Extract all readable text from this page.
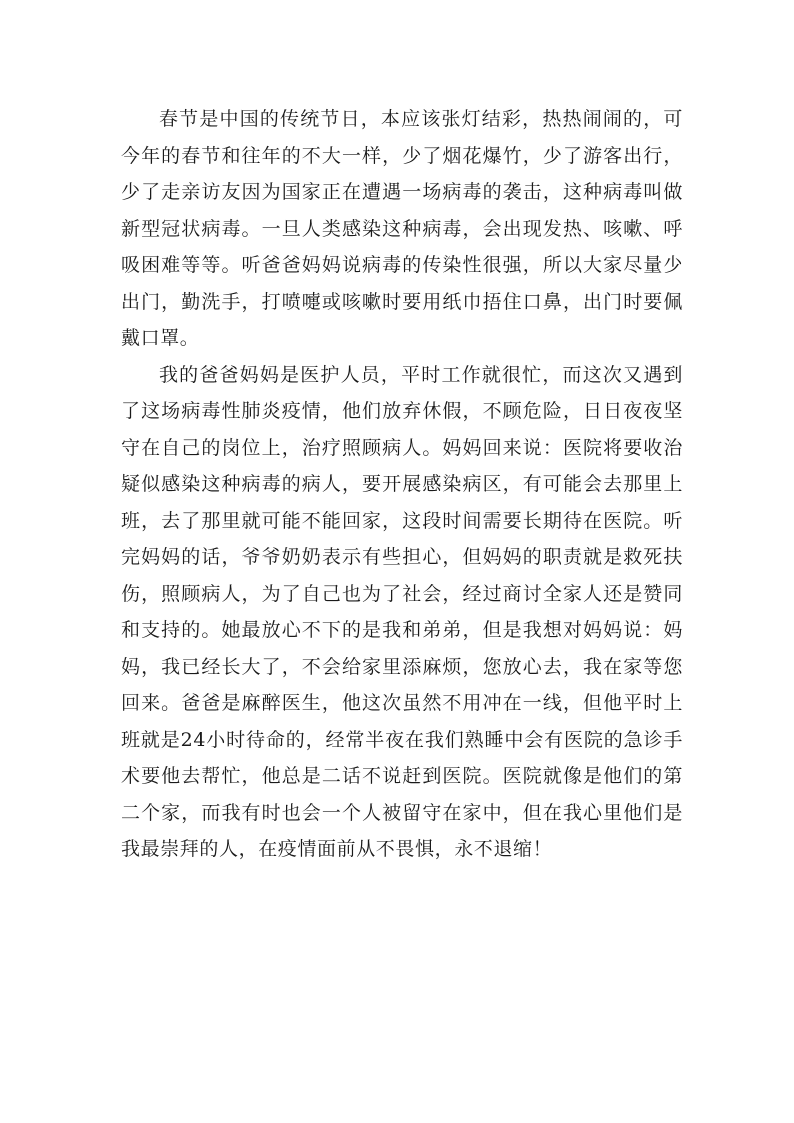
春节是中国的传统节日，本应该张灯结彩，热热闹闹的，可今年的春节和往年的不大一样，少了烟花爆竹，少了游客出行，少了走亲访友因为国家正在遭遇一场病毒的袭击，这种病毒叫做新型冠状病毒。一旦人类感染这种病毒，会出现发热、咳嗽、呼吸困难等等。听爸爸妈妈说病毒的传染性很强，所以大家尽量少出门，勤洗手，打喷嚏或咳嗽时要用纸巾捂住口鼻，出门时要佩戴口罩。

我的爸爸妈妈是医护人员，平时工作就很忙，而这次又遇到了这场病毒性肺炎疫情，他们放弃休假，不顾危险，日日夜夜坚守在自己的岗位上，治疗照顾病人。妈妈回来说：医院将要收治疑似感染这种病毒的病人，要开展感染病区，有可能会去那里上班，去了那里就可能不能回家，这段时间需要长期待在医院。听完妈妈的话，爷爷奶奶表示有些担心，但妈妈的职责就是救死扶伤，照顾病人，为了自己也为了社会，经过商讨全家人还是赞同和支持的。她最放心不下的是我和弟弟，但是我想对妈妈说：妈妈，我已经长大了，不会给家里添麻烦，您放心去，我在家等您回来。爸爸是麻醉医生，他这次虽然不用冲在一线，但他平时上班就是24小时待命的，经常半夜在我们熟睡中会有医院的急诊手术要他去帮忙，他总是二话不说赶到医院。医院就像是他们的第二个家，而我有时也会一个人被留守在家中，但在我心里他们是我最崇拜的人，在疫情面前从不畏惧，永不退缩！
